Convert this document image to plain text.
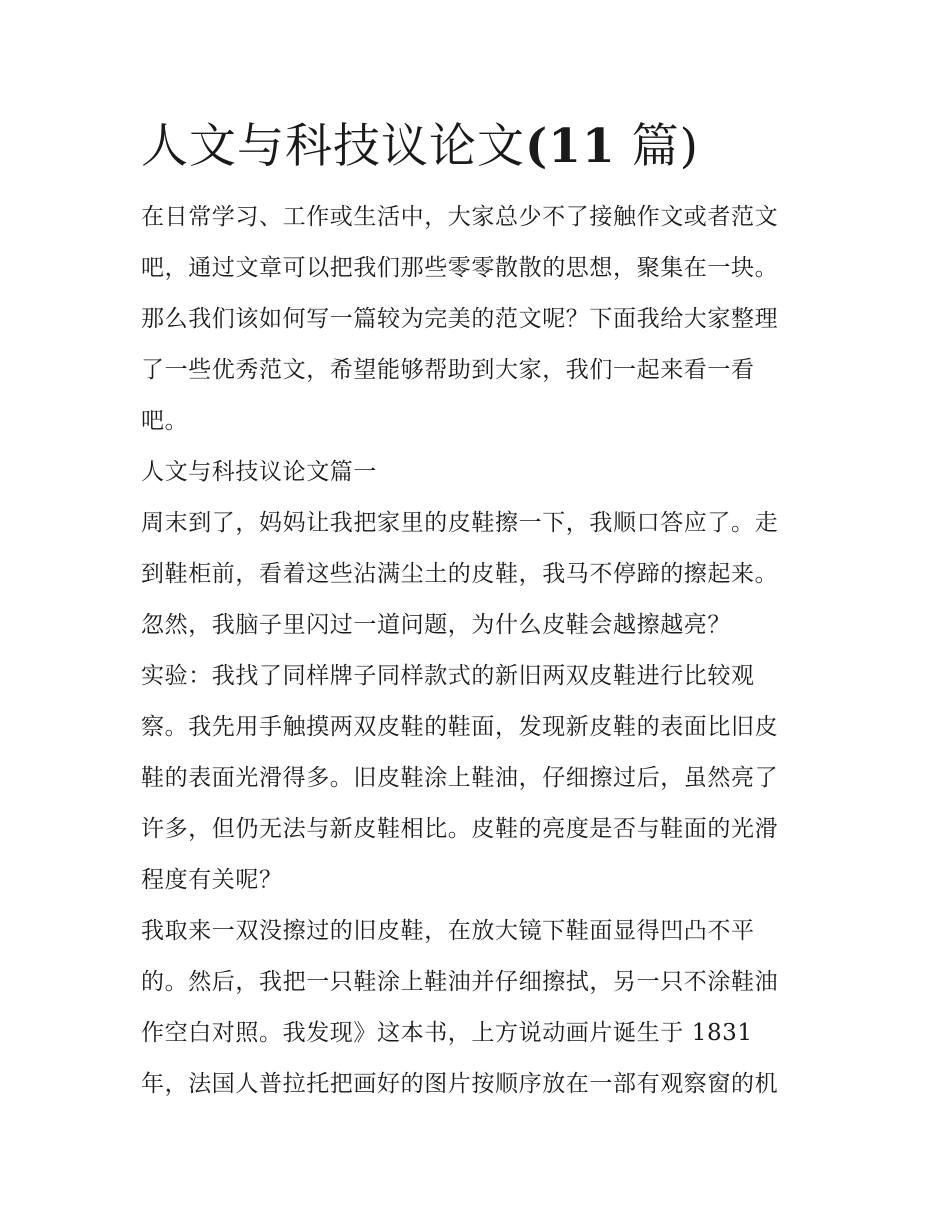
人文与科技议论文(11 篇)

在日常学习、工作或生活中，大家总少不了接触作文或者范文

吧，通过文章可以把我们那些零零散散的思想，聚集在一块。

那么我们该如何写一篇较为完美的范文呢？下面我给大家整理

了一些优秀范文，希望能够帮助到大家，我们一起来看一看

吧。

人文与科技议论文篇一

周末到了，妈妈让我把家里的皮鞋擦一下，我顺口答应了。走

到鞋柜前，看着这些沾满尘土的皮鞋，我马不停蹄的擦起来。

忽然，我脑子里闪过一道问题，为什么皮鞋会越擦越亮？

实验：我找了同样牌子同样款式的新旧两双皮鞋进行比较观

察。我先用手触摸两双皮鞋的鞋面，发现新皮鞋的表面比旧皮

鞋的表面光滑得多。旧皮鞋涂上鞋油，仔细擦过后，虽然亮了

许多，但仍无法与新皮鞋相比。皮鞋的亮度是否与鞋面的光滑

程度有关呢？

我取来一双没擦过的旧皮鞋，在放大镜下鞋面显得凹凸不平

的。然后，我把一只鞋涂上鞋油并仔细擦拭，另一只不涂鞋油

作空白对照。我发现》这本书，上方说动画片诞生于 1831

年，法国人普拉托把画好的图片按顺序放在一部有观察窗的机
